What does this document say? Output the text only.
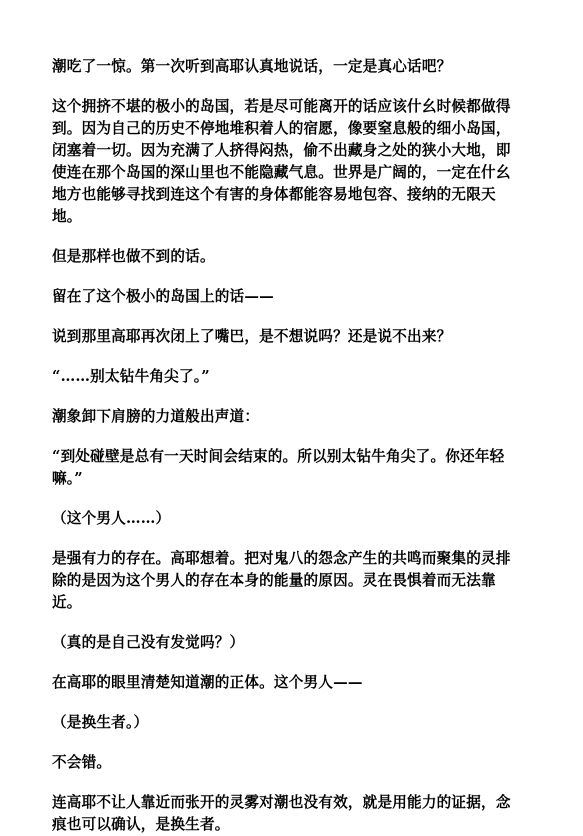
潮吃了一惊。第一次听到高耶认真地说话，一定是真心话吧？

这个拥挤不堪的极小的岛国，若是尽可能离开的话应该什幺时候都做得到。因为自己的历史不停地堆积着人的宿愿，像要窒息般的细小岛国，闭塞着一切。因为充满了人挤得闷热，偷不出藏身之处的狭小大地，即使连在那个岛国的深山里也不能隐藏气息。世界是广阔的，一定在什幺地方也能够寻找到连这个有害的身体都能容易地包容、接纳的无限天地。

但是那样也做不到的话。

留在了这个极小的岛国上的话——

说到那里高耶再次闭上了嘴巴，是不想说吗？还是说不出来？

“……别太钻牛角尖了。”

潮象卸下肩膀的力道般出声道：

“到处碰壁是总有一天时间会结束的。所以别太钻牛角尖了。你还年轻嘛。”

（这个男人……）

是强有力的存在。高耶想着。把对鬼八的怨念产生的共鸣而聚集的灵排除的是因为这个男人的存在本身的能量的原因。灵在畏惧着而无法靠近。

（真的是自己没有发觉吗？）

在高耶的眼里清楚知道潮的正体。这个男人——

（是换生者。）

不会错。

连高耶不让人靠近而张开的灵雾对潮也没有效，就是用能力的证据，念痕也可以确认，是换生者。
